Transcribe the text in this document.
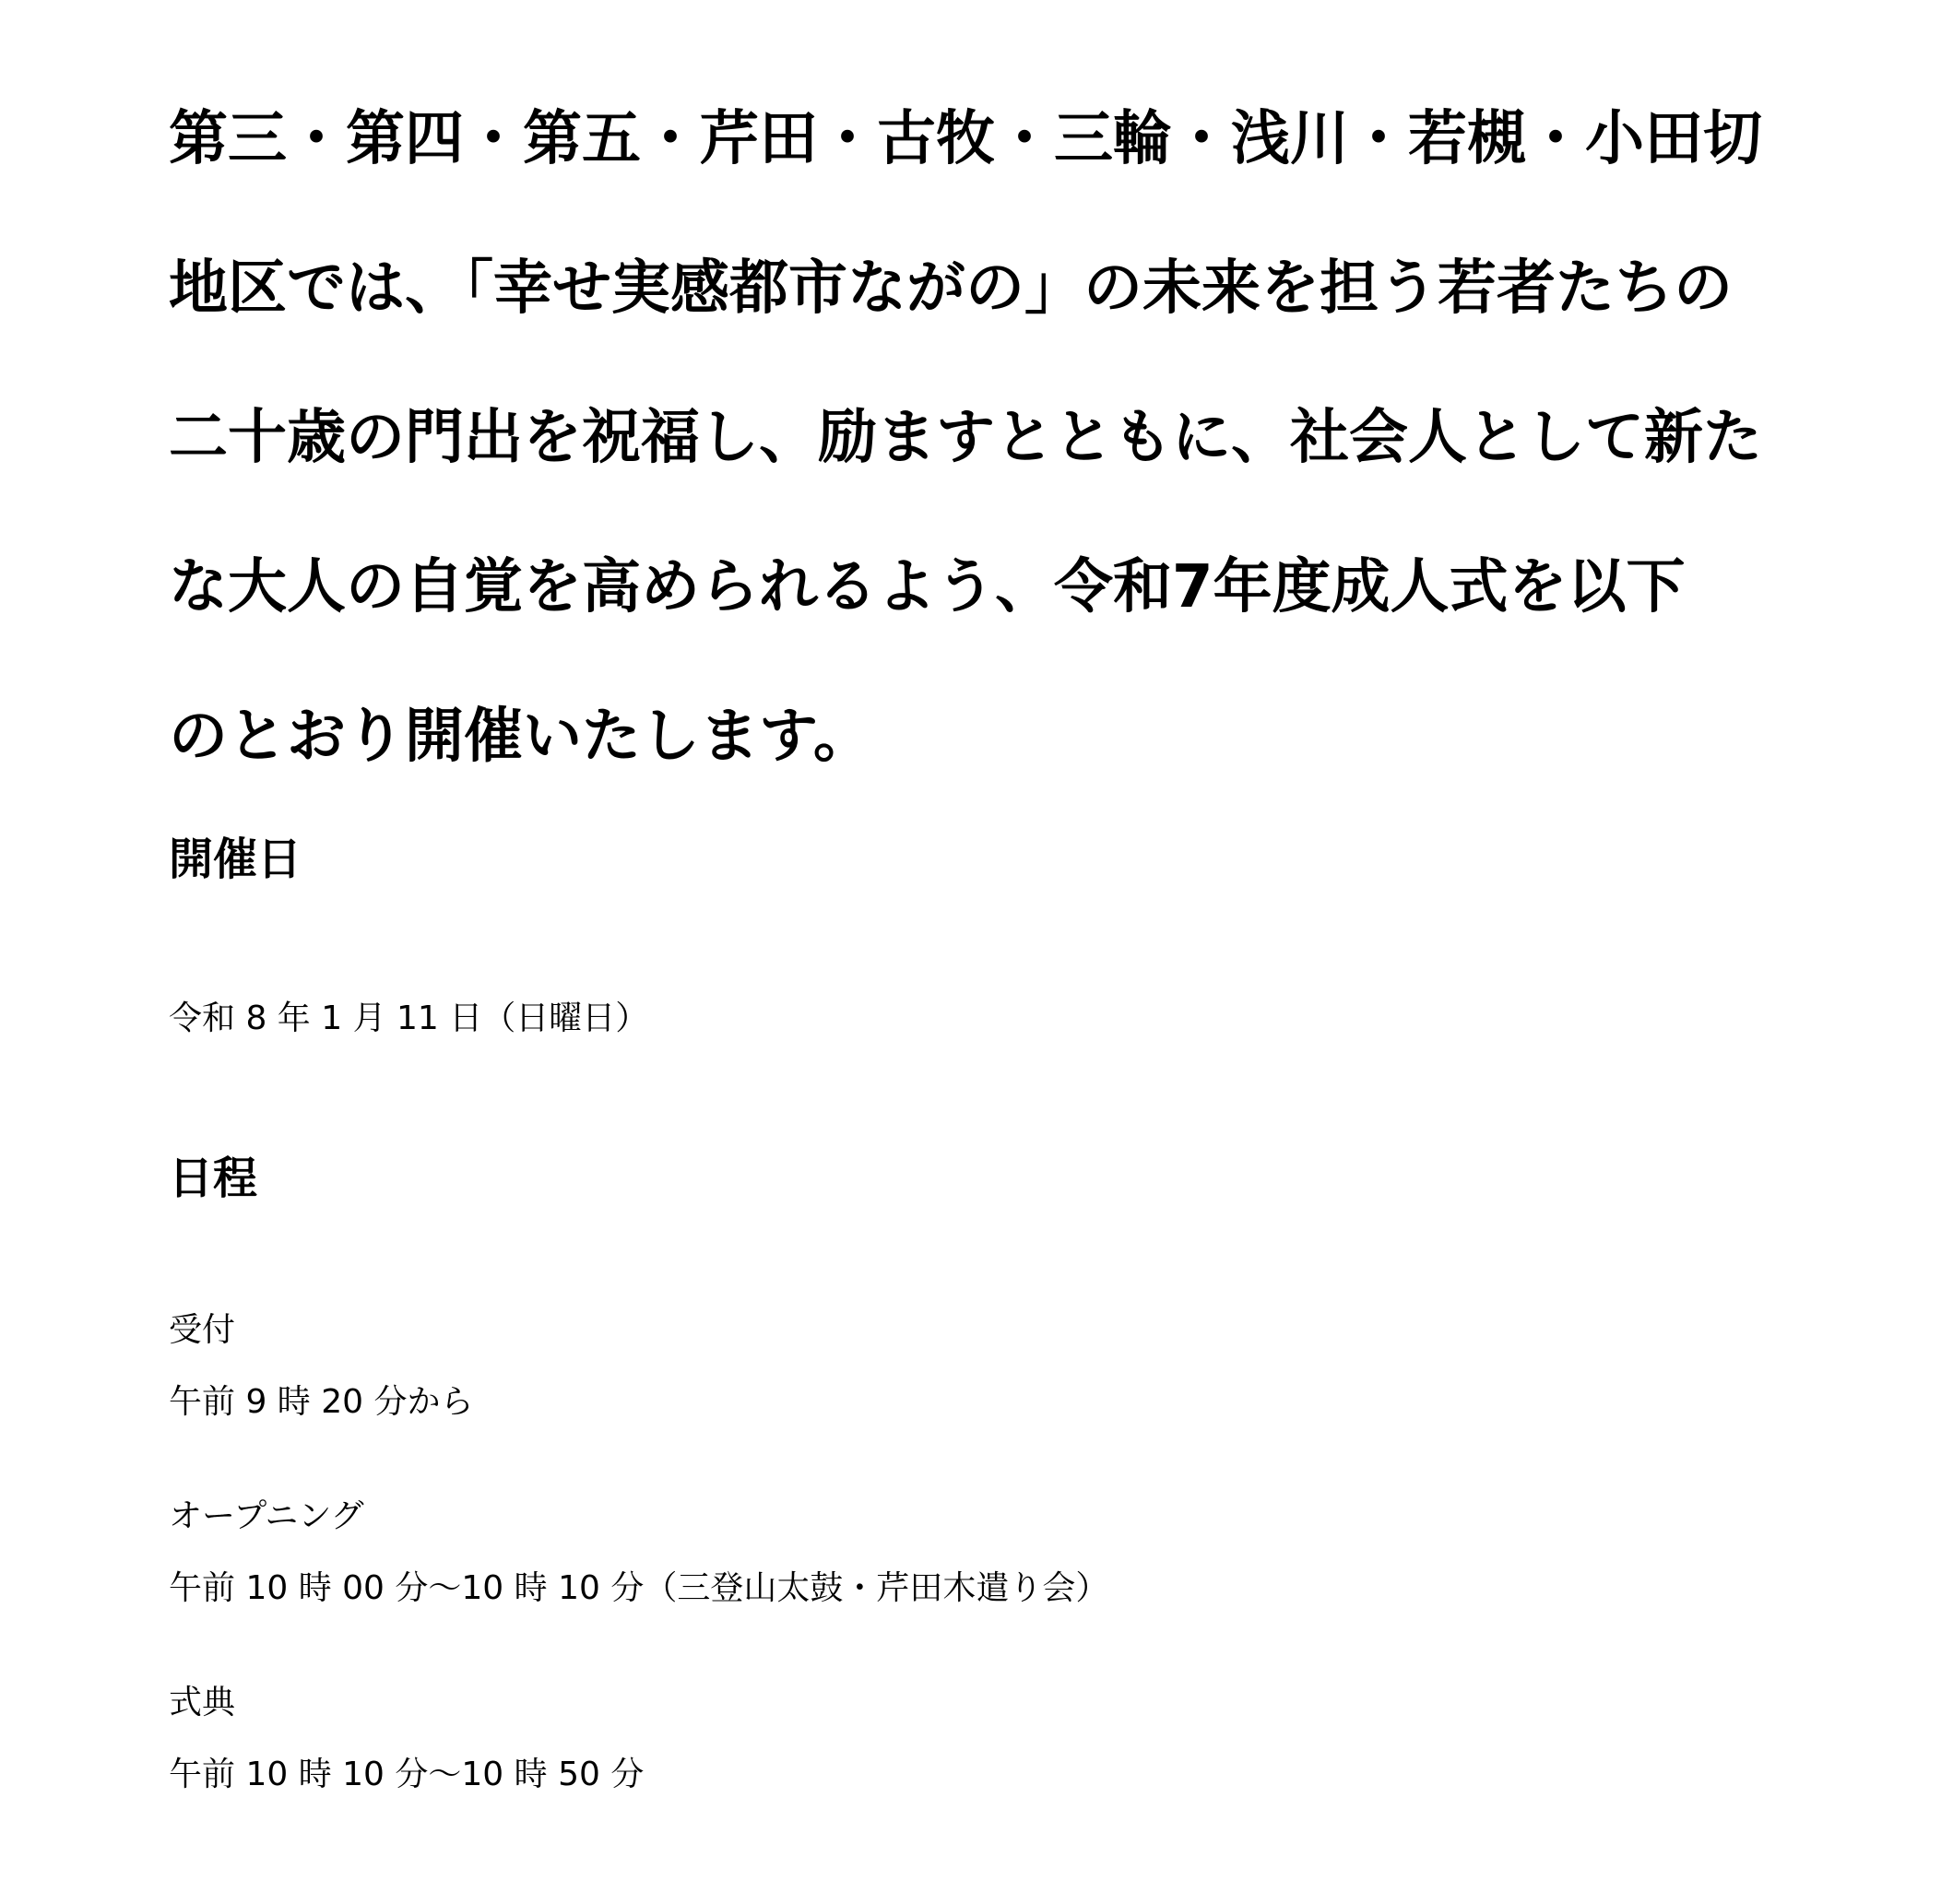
第三・第四・第五・芹田・古牧・三輪・浅川・若槻・小田切
地区では、「幸せ実感都市ながの」の未来を担う若者たちの
二十歳の門出を祝福し、励ますとともに、社会人として新た
な大人の自覚を高められるよう、令和7年度成人式を以下
のとおり開催いたします。
開催日
令和 8 年 1 月 11 日（日曜日）
日程
受付
午前 9 時 20 分から
オープニング
午前 10 時 00 分～10 時 10 分（三登山太鼓・芹田木遣り会）
式典
午前 10 時 10 分～10 時 50 分
